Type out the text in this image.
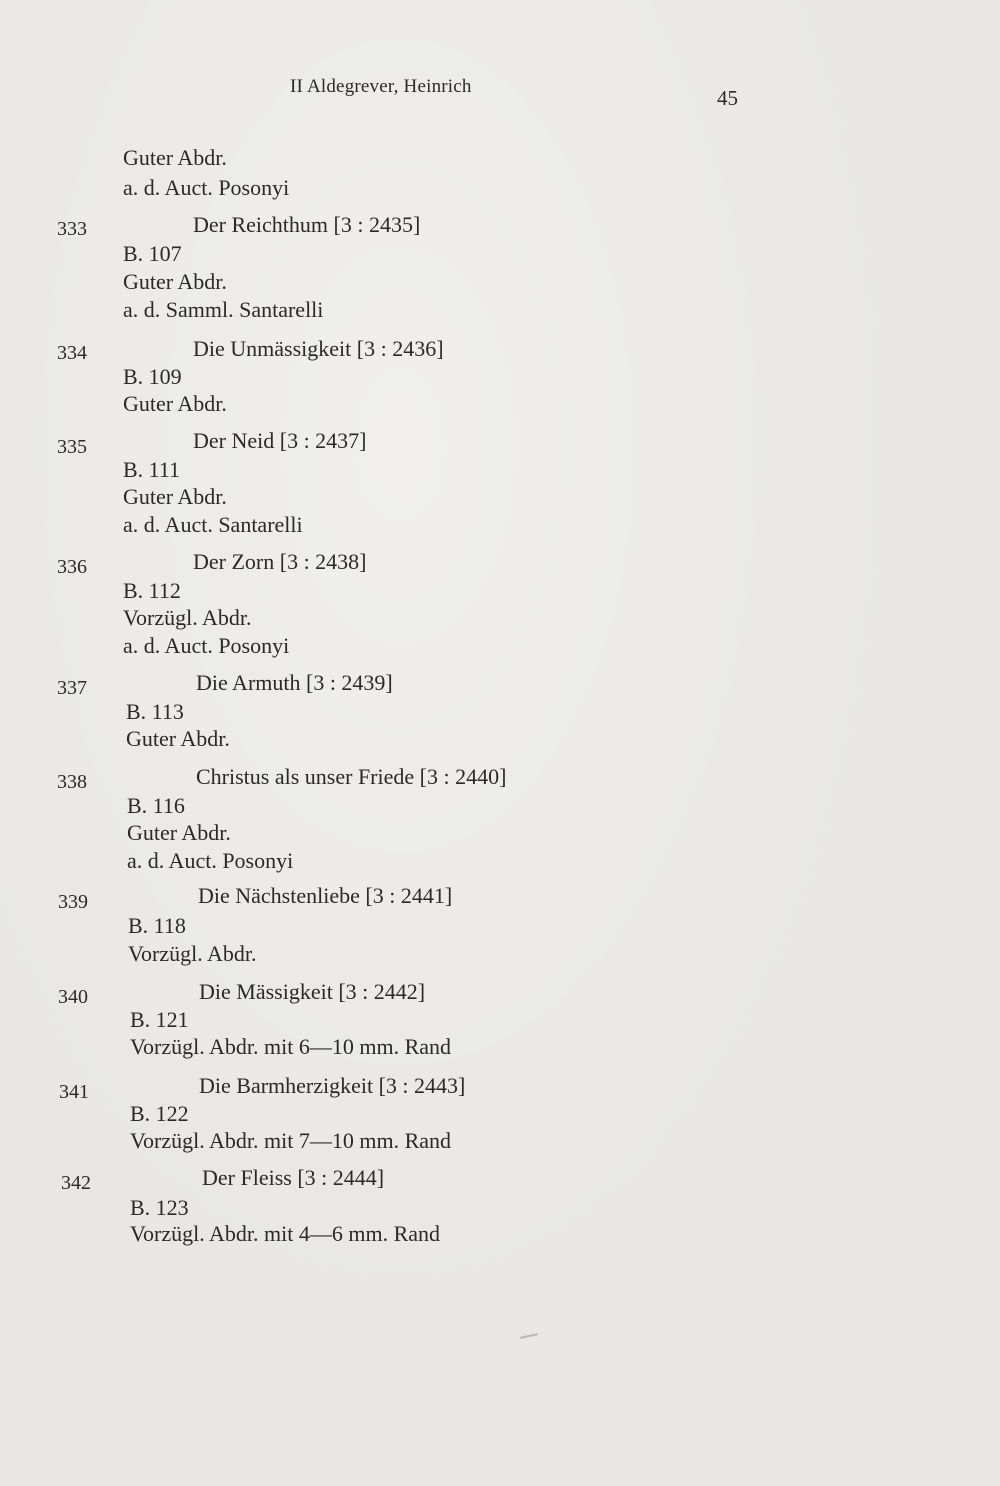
II Aldegrever, Heinrich	45
Guter Abdr.
a. d. Auct. Posonyi
333	Der Reichthum [3 : 2435]
B. 107
Guter Abdr.
a. d. Samml. Santarelli
334	Die Unmässigkeit [3 : 2436]
B. 109
Guter Abdr.
335	Der Neid [3 : 2437]
B. 111
Guter Abdr.
a. d. Auct. Santarelli
336	Der Zorn [3 : 2438]
B. 112
Vorzügl. Abdr.
a. d. Auct. Posonyi
337	Die Armuth [3 : 2439]
B. 113
Guter Abdr.
338	Christus als unser Friede [3 : 2440]
B. 116
Guter Abdr.
a. d. Auct. Posonyi
339	Die Nächstenliebe [3 : 2441]
B. 118
Vorzügl. Abdr.
340	Die Mässigkeit [3 : 2442]
B. 121
Vorzügl. Abdr. mit 6—10 mm. Rand
341	Die Barmherzigkeit [3 : 2443]
B. 122
Vorzügl. Abdr. mit 7—10 mm. Rand
342	Der Fleiss [3 : 2444]
B. 123
Vorzügl. Abdr. mit 4—6 mm. Rand
